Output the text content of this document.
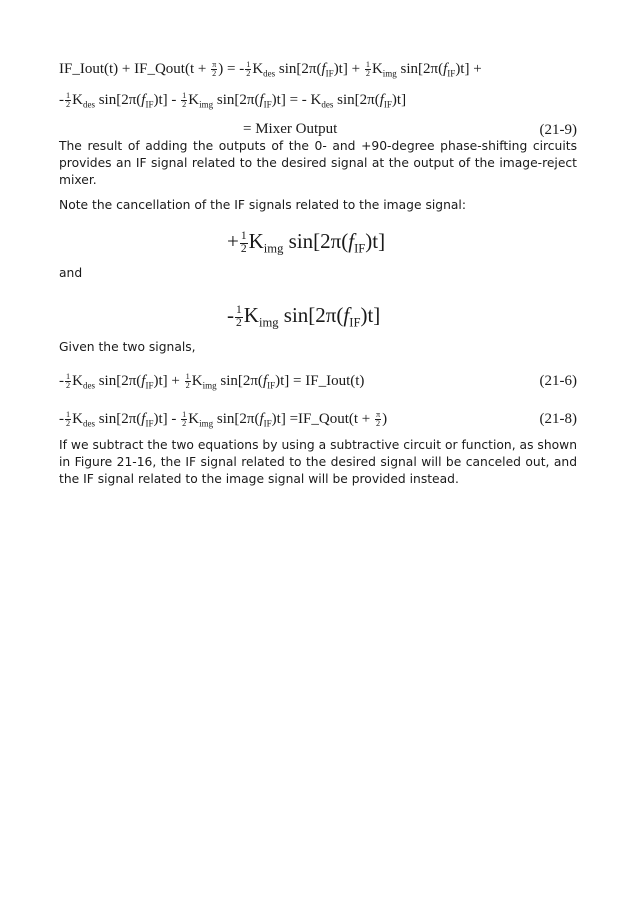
IF_Iout(t) + IF_Qout(t + $\frac{\pi}{2}$ ) = - $\frac{1}{2} K_{des}$ $\sin[2\pi(f_{IF})t] + \frac{1}{2} K_{img}$ $\sin[2\pi(f_{IF})t]$ +
- $\frac{1}{2} K_{des}$ $\sin[2\pi(f_{IF})t] - \frac{1}{2} K_{img}$ $\sin[2\pi(f_{IF})t]$ = - $K_{des}$ $\sin[2\pi(f_{IF})t]$
= Mixer Output	(21-9)
The result of adding the outputs of the 0- and +90-degree phase-shifting circuits provides an IF signal related to the desired signal at the output of the image-reject mixer.
Note the cancellation of the IF signals related to the image signal:
+ $\frac{1}{2} K_{img}$ $\sin[2\pi(f_{IF})t]$
and
- $\frac{1}{2} K_{img}$ $\sin[2\pi(f_{IF})t]$
Given the two signals,
- $\frac{1}{2} K_{des}$ $\sin[2\pi(f_{IF})t] + \frac{1}{2} K_{img}$ $\sin[2\pi(f_{IF})t]$ = IF_Iout(t)	(21-6)
- $\frac{1}{2} K_{des}$ $\sin[2\pi(f_{IF})t] - \frac{1}{2} K_{img}$ $\sin[2\pi(f_{IF})t]$ =IF_Qout(t + $\frac{\pi}{2}$ )	(21-8)
If we subtract the two equations by using a subtractive circuit or function, as shown in Figure 21-16, the IF signal related to the desired signal will be canceled out, and the IF signal related to the image signal will be provided instead.
